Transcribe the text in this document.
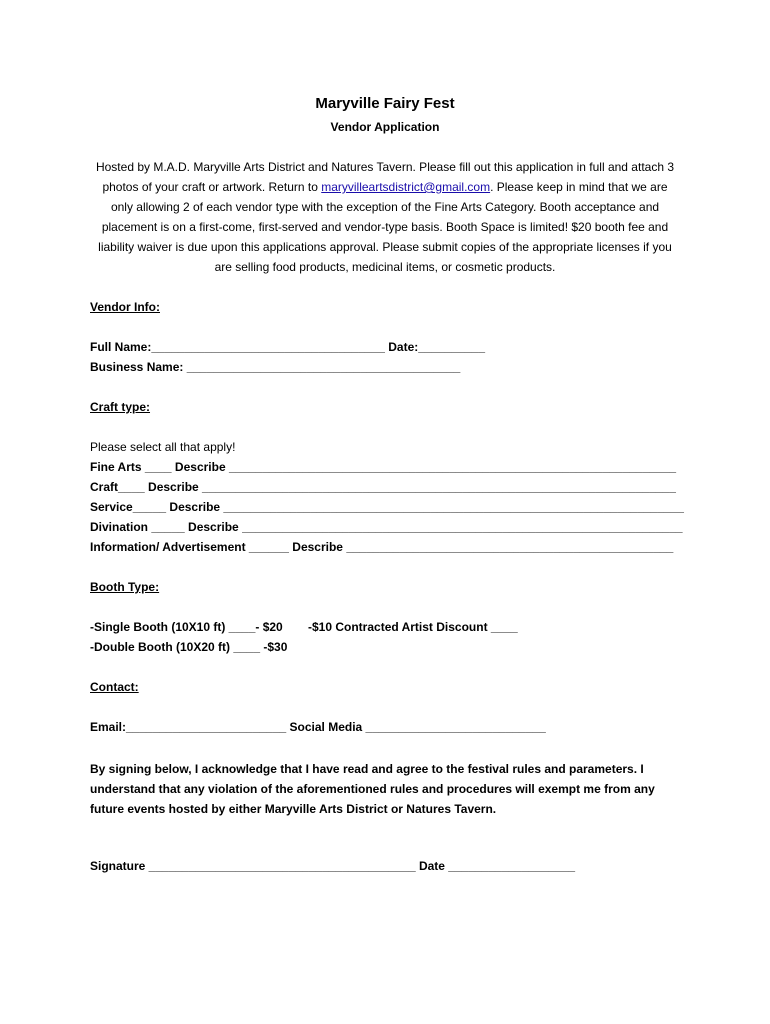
Maryville Fairy Fest
Vendor Application
Hosted by M.A.D. Maryville Arts District and Natures Tavern. Please fill out this application in full and attach 3 photos of your craft or artwork. Return to maryvilleartsdistrict@gmail.com. Please keep in mind that we are only allowing 2 of each vendor type with the exception of the Fine Arts Category. Booth acceptance and placement is on a first-come, first-served and vendor-type basis. Booth Space is limited! $20 booth fee and liability waiver is due upon this applications approval. Please submit copies of the appropriate licenses if you are selling food products, medicinal items, or cosmetic products.
Vendor Info:
Full Name:___________________________________ Date:__________
Business Name: _________________________________________
Craft type:
Please select all that apply!
Fine Arts ____ Describe ___________________________________________________________________
Craft____ Describe _______________________________________________________________________
Service_____ Describe _____________________________________________________________________
Divination _____ Describe __________________________________________________________________
Information/ Advertisement ______ Describe _________________________________________________
Booth Type:
-Single Booth (10X10 ft) ____- $20 -$10 Contracted Artist Discount ____
-Double Booth (10X20 ft) ____ -$30
Contact:
Email:________________________ Social Media ___________________________
By signing below, I acknowledge that I have read and agree to the festival rules and parameters. I understand that any violation of the aforementioned rules and procedures will exempt me from any future events hosted by either Maryville Arts District or Natures Tavern.
Signature ________________________________________ Date ___________________
